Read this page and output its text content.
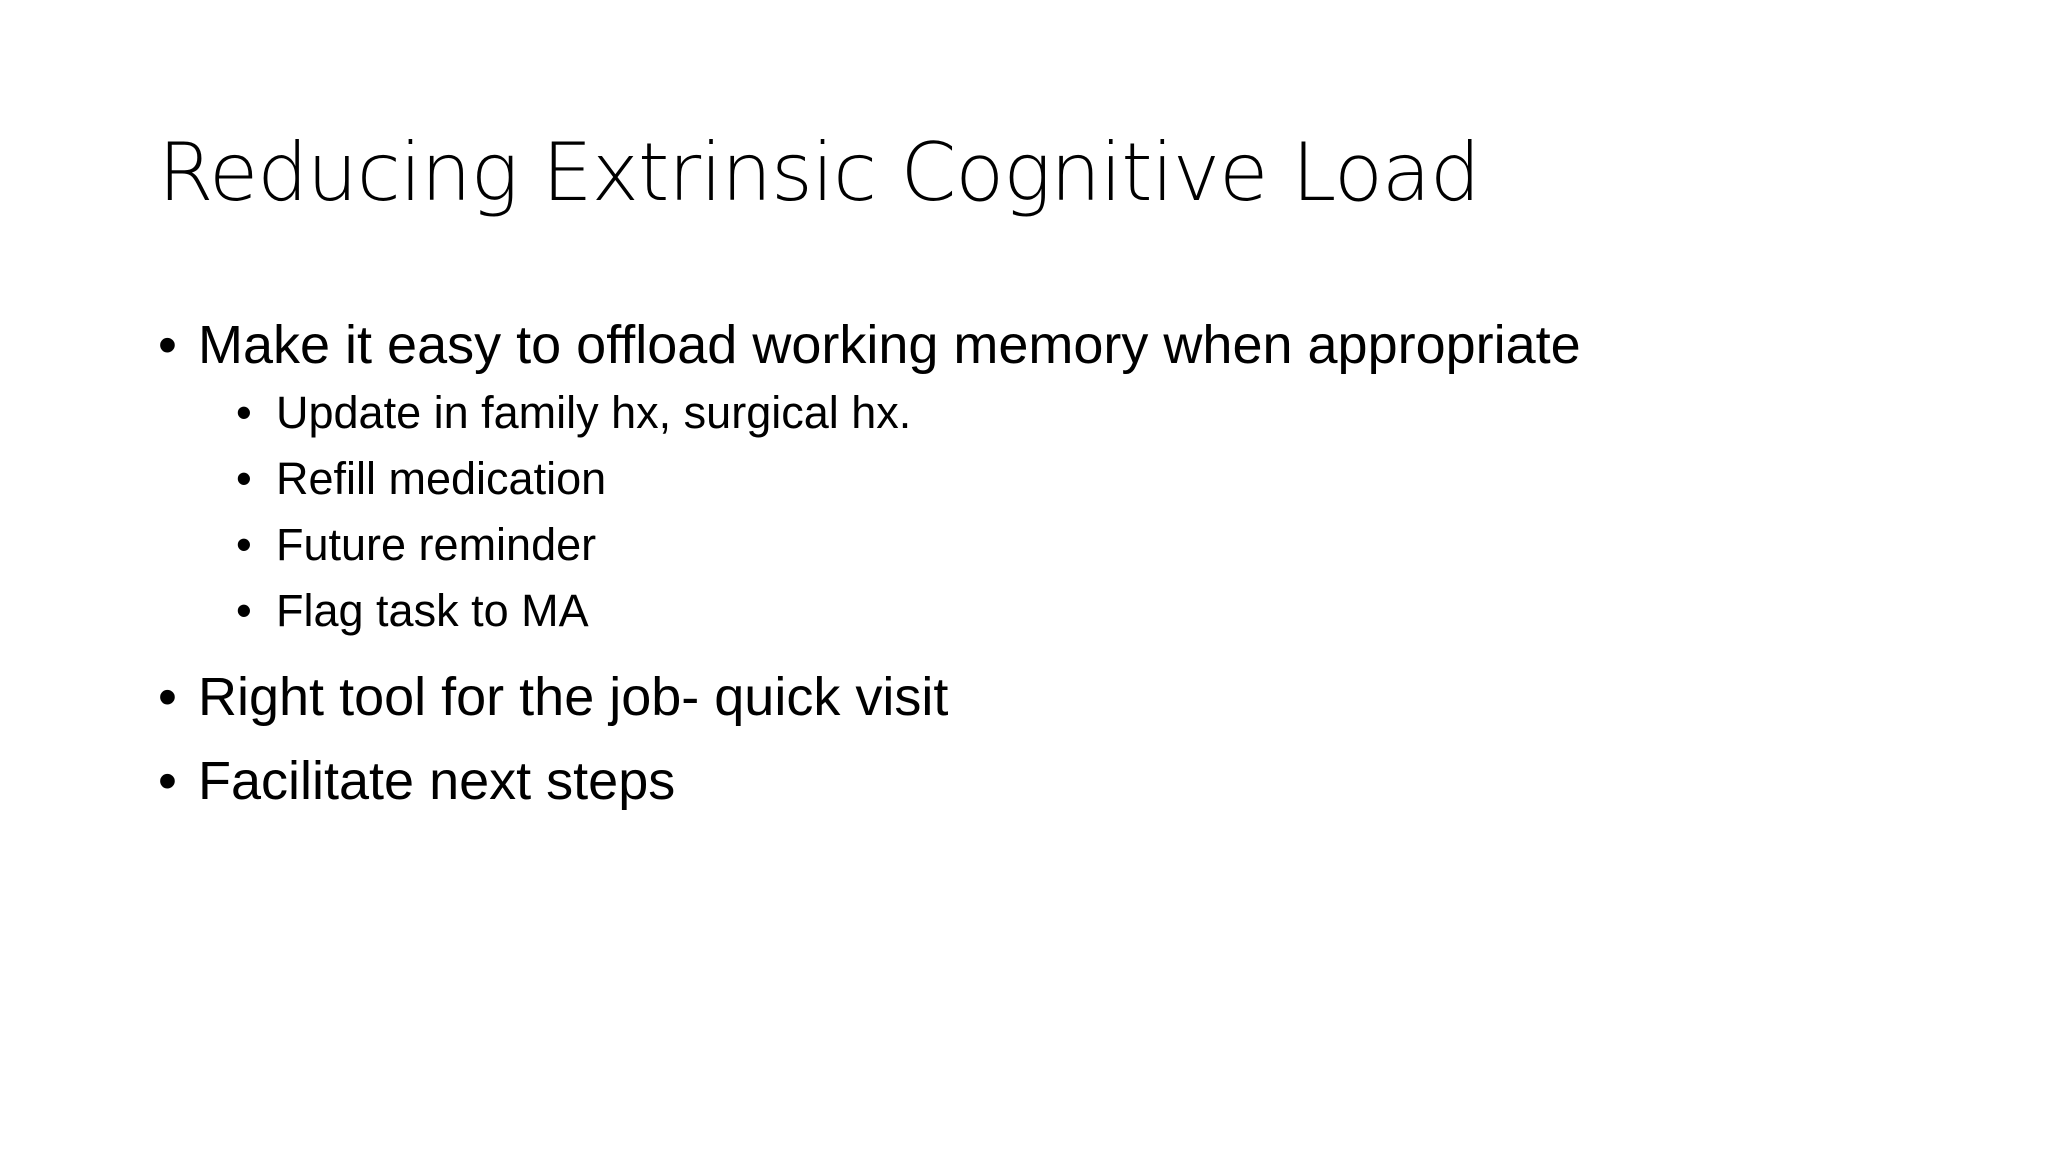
Reducing Extrinsic Cognitive Load
• Make it easy to offload working memory when appropriate
• Update in family hx, surgical hx.
• Refill medication
• Future reminder
• Flag task to MA
• Right tool for the job- quick visit
• Facilitate next steps
